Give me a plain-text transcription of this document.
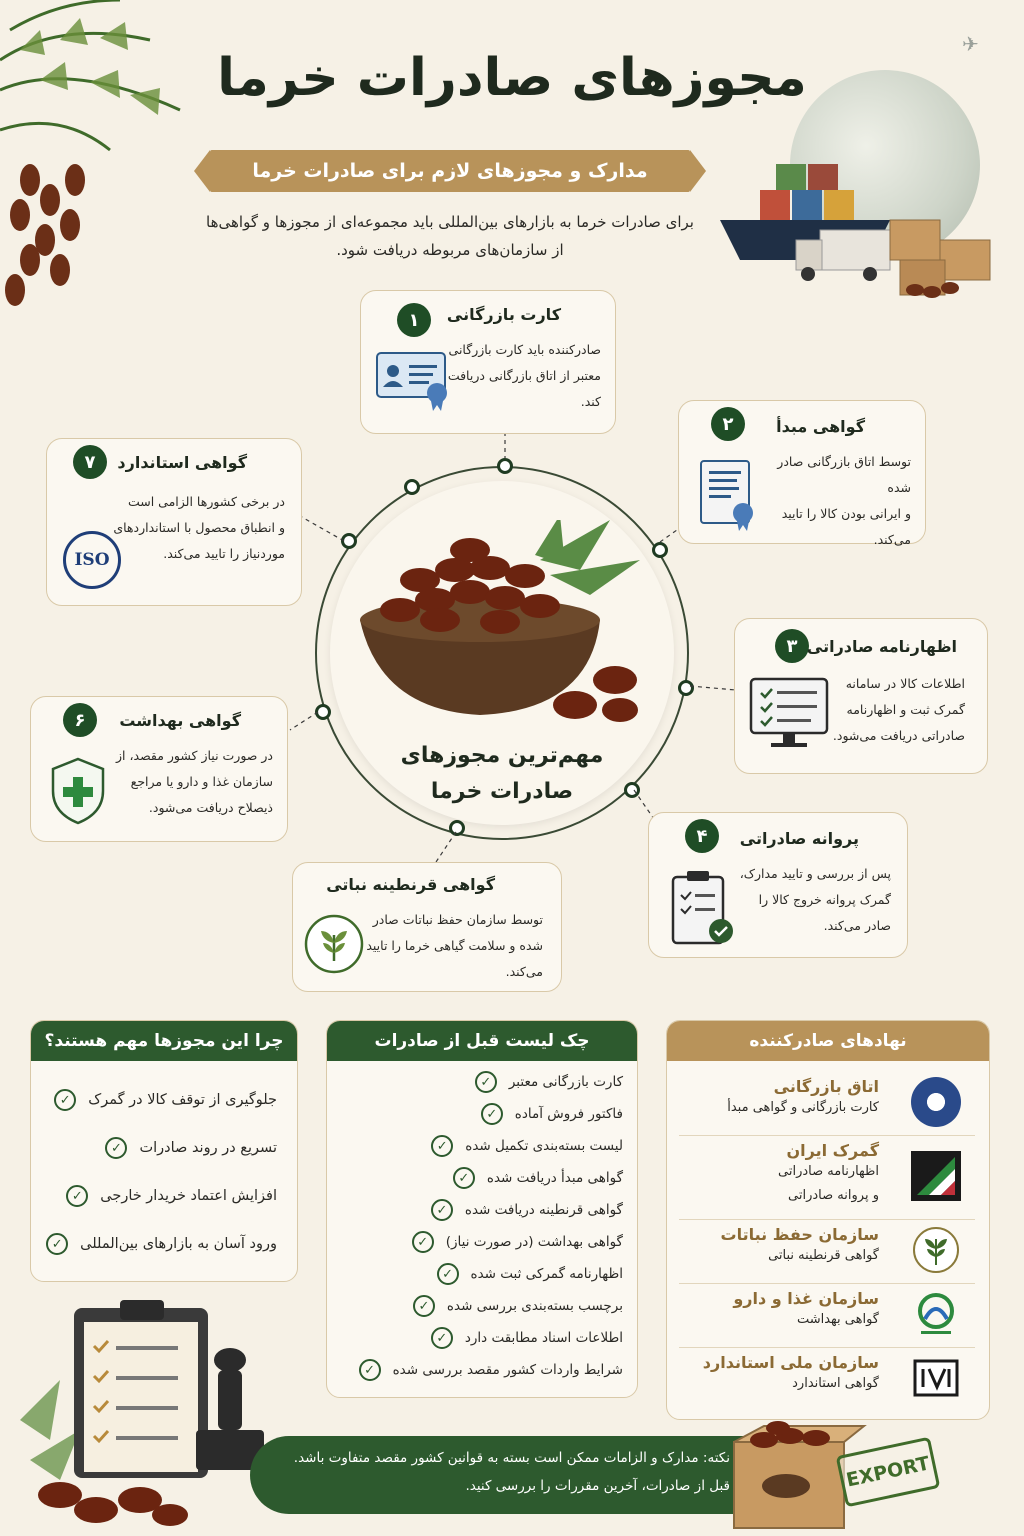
✈
مجوزهای صادرات خرما
مدارک و مجوزهای لازم برای صادرات خرما
برای صادرات خرما به بازارهای بین‌المللی باید مجموعه‌ای از مجوزها و گواهی‌ها
از سازمان‌های مربوطه دریافت شود.
مهم‌ترین مجوزهای
صادرات خرما
۱	کارت بازرگانی
صادرکننده باید کارت بازرگانی
معتبر از اتاق بازرگانی دریافت
کند.
۲	گواهی مبدأ
توسط اتاق بازرگانی صادر شده
و ایرانی بودن کالا را تایید
می‌کند.
۳ اظهارنامه صادراتی
اطلاعات کالا در سامانه
گمرک ثبت و اظهارنامه
صادراتی دریافت می‌شود.
۴	پروانه صادراتی
پس از بررسی و تایید مدارک،
گمرک پروانه خروج کالا را
صادر می‌کند.
گواهی قرنطینه نباتی
توسط سازمان حفظ نباتات صادر
شده و سلامت گیاهی خرما را تایید
می‌کند.
۶	گواهی بهداشت
در صورت نیاز کشور مقصد، از
سازمان غذا و دارو یا مراجع
ذیصلاح دریافت می‌شود.
۷	گواهی استاندارد
در برخی کشورها الزامی است
و انطباق محصول با استانداردهای
موردنیاز را تایید می‌کند.
ISO
چرا این مجوزها مهم هستند؟
جلوگیری از توقف کالا در گمرک
✓
تسریع در روند صادرات
✓
افزایش اعتماد خریدار خارجی
✓
ورود آسان به بازارهای بین‌المللی
✓
چک لیست قبل از صادرات
کارت بازرگانی معتبر
✓
فاکتور فروش آماده
✓
لیست بسته‌بندی تکمیل شده
✓
گواهی مبدأ دریافت شده
✓
گواهی قرنطینه دریافت شده
✓
گواهی بهداشت (در صورت نیاز)
✓
اظهارنامه گمرکی ثبت شده
✓
برچسب بسته‌بندی بررسی شده
✓
اطلاعات اسناد مطابقت دارد
✓
شرایط واردات کشور مقصد بررسی شده
✓
نهادهای صادرکننده
اتاق بازرگانی
کارت بازرگانی و گواهی مبدأ
گمرک ایران
اظهارنامه صادراتی
و پروانه صادراتی
سازمان حفظ نباتات
گواهی قرنطینه نباتی
سازمان غذا و دارو
گواهی بهداشت
سازمان ملی استاندارد
گواهی استاندارد
نکته: مدارک و الزامات ممکن است بسته به قوانین کشور مقصد متفاوت باشد.
قبل از صادرات، آخرین مقررات را بررسی کنید.	EXPORT
